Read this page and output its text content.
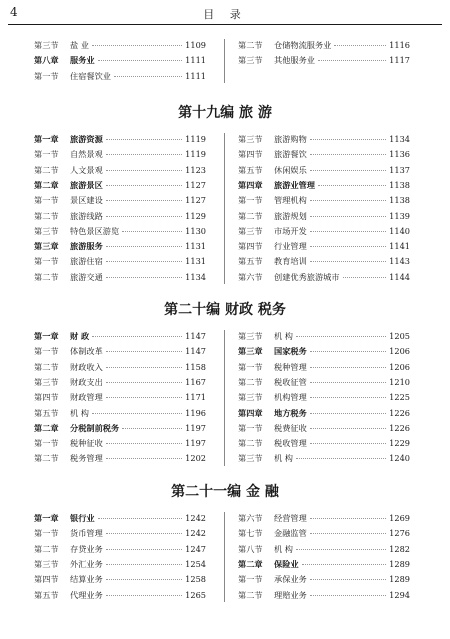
4	目 录
第三节	盐 业	1109
第八章	服务业	1111
第一节	住宿餐饮业	1111
第二节	仓储物流服务业	1116
第三节	其他服务业	1117
第十九编 旅 游
第一章	旅游资源	1119
第一节	自然景观	1119
第二节	人文景观	1123
第二章	旅游景区	1127
第一节	景区建设	1127
第二节	旅游线路	1129
第三节	特色景区游览	1130
第三章	旅游服务	1131
第一节	旅游住宿	1131
第二节	旅游交通	1134
第三节	旅游购物	1134
第四节	旅游餐饮	1136
第五节	休闲娱乐	1137
第四章	旅游业管理	1138
第一节	管理机构	1138
第二节	旅游规划	1139
第三节	市场开发	1140
第四节	行业管理	1141
第五节	教育培训	1143
第六节	创建优秀旅游城市	1144
第二十编 财政 税务
第一章	财 政	1147
第一节	体制改革	1147
第二节	财政收入	1158
第三节	财政支出	1167
第四节	财政管理	1171
第五节	机 构	1196
第二章	分税制前税务	1197
第一节	税种征收	1197
第二节	税务管理	1202
第三节	机 构	1205
第三章	国家税务	1206
第一节	税种管理	1206
第二节	税收征管	1210
第三节	机构管理	1225
第四章	地方税务	1226
第一节	税费征收	1226
第二节	税收管理	1229
第三节	机 构	1240
第二十一编 金 融
第一章	银行业	1242
第一节	货币管理	1242
第二节	存贷业务	1247
第三节	外汇业务	1254
第四节	结算业务	1258
第五节	代理业务	1265
第六节	经营管理	1269
第七节	金融监管	1276
第八节	机 构	1282
第二章	保险业	1289
第一节	承保业务	1289
第二节	理赔业务	1294
